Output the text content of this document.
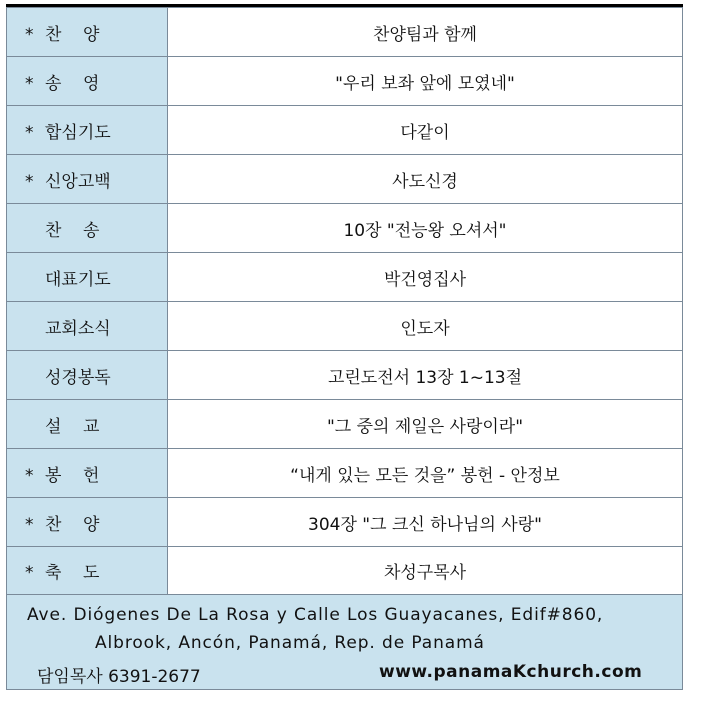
* 찬    양	찬양팀과 함께
* 송    영	"우리 보좌 앞에 모였네"
* 합심기도	다같이
* 신앙고백	사도신경
찬    송	10장 "전능왕 오셔서"
대표기도	박건영집사
교회소식	인도자
성경봉독	고린도전서 13장 1~13절
설    교	"그 중의 제일은 사랑이라"
* 봉    헌	“내게 있는 모든 것을” 봉헌 - 안정보
* 찬    양	304장 "그 크신 하나님의 사랑"
* 축    도	차성구목사
Ave. Diógenes De La Rosa y Calle Los Guayacanes, Edif#860,
Albrook, Ancón, Panamá, Rep. de Panamá
담임목사 6391-2677	www.panamaKchurch.com
